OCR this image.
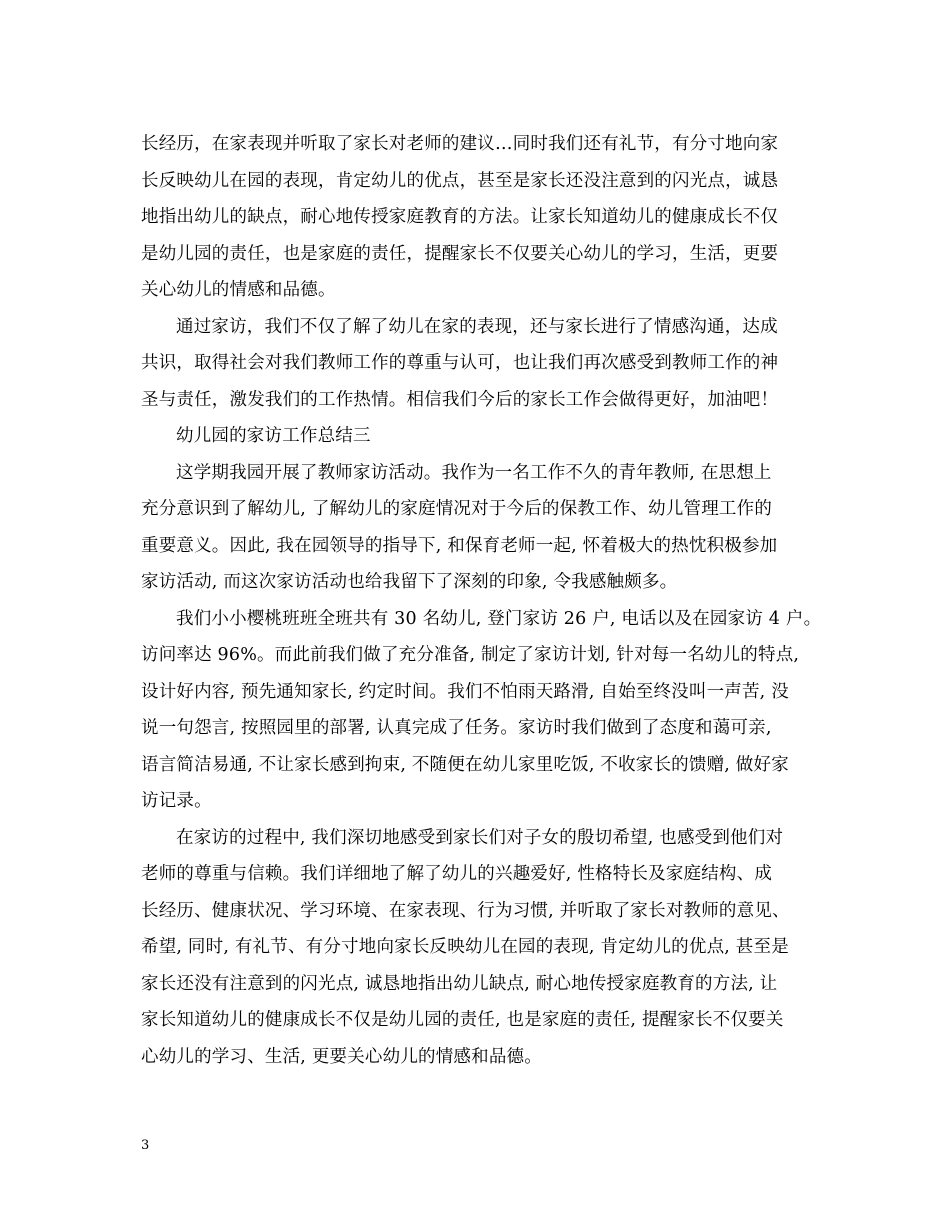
长经历，在家表现并听取了家长对老师的建议…同时我们还有礼节，有分寸地向家
长反映幼儿在园的表现，肯定幼儿的优点，甚至是家长还没注意到的闪光点，诚恳
地指出幼儿的缺点，耐心地传授家庭教育的方法。让家长知道幼儿的健康成长不仅
是幼儿园的责任，也是家庭的责任，提醒家长不仅要关心幼儿的学习，生活，更要
关心幼儿的情感和品德。
通过家访，我们不仅了解了幼儿在家的表现，还与家长进行了情感沟通，达成
共识，取得社会对我们教师工作的尊重与认可，也让我们再次感受到教师工作的神
圣与责任，激发我们的工作热情。相信我们今后的家长工作会做得更好，加油吧！
幼儿园的家访工作总结三
这学期我园开展了教师家访活动。我作为一名工作不久的青年教师, 在思想上
充分意识到了解幼儿, 了解幼儿的家庭情况对于今后的保教工作、幼儿管理工作的
重要意义。因此, 我在园领导的指导下, 和保育老师一起, 怀着极大的热忱积极参加
家访活动, 而这次家访活动也给我留下了深刻的印象, 令我感触颇多。
我们小小樱桃班班全班共有 30 名幼儿, 登门家访 26 户, 电话以及在园家访 4 户。
访问率达 96%。而此前我们做了充分准备, 制定了家访计划, 针对每一名幼儿的特点,
设计好内容, 预先通知家长, 约定时间。我们不怕雨天路滑, 自始至终没叫一声苦, 没
说一句怨言, 按照园里的部署, 认真完成了任务。家访时我们做到了态度和蔼可亲,
语言简洁易通, 不让家长感到拘束, 不随便在幼儿家里吃饭, 不收家长的馈赠, 做好家
访记录。
在家访的过程中, 我们深切地感受到家长们对子女的殷切希望, 也感受到他们对
老师的尊重与信赖。我们详细地了解了幼儿的兴趣爱好, 性格特长及家庭结构、成
长经历、健康状况、学习环境、在家表现、行为习惯, 并听取了家长对教师的意见、
希望, 同时, 有礼节、有分寸地向家长反映幼儿在园的表现, 肯定幼儿的优点, 甚至是
家长还没有注意到的闪光点, 诚恳地指出幼儿缺点, 耐心地传授家庭教育的方法, 让
家长知道幼儿的健康成长不仅是幼儿园的责任, 也是家庭的责任, 提醒家长不仅要关
心幼儿的学习、生活, 更要关心幼儿的情感和品德。
3
